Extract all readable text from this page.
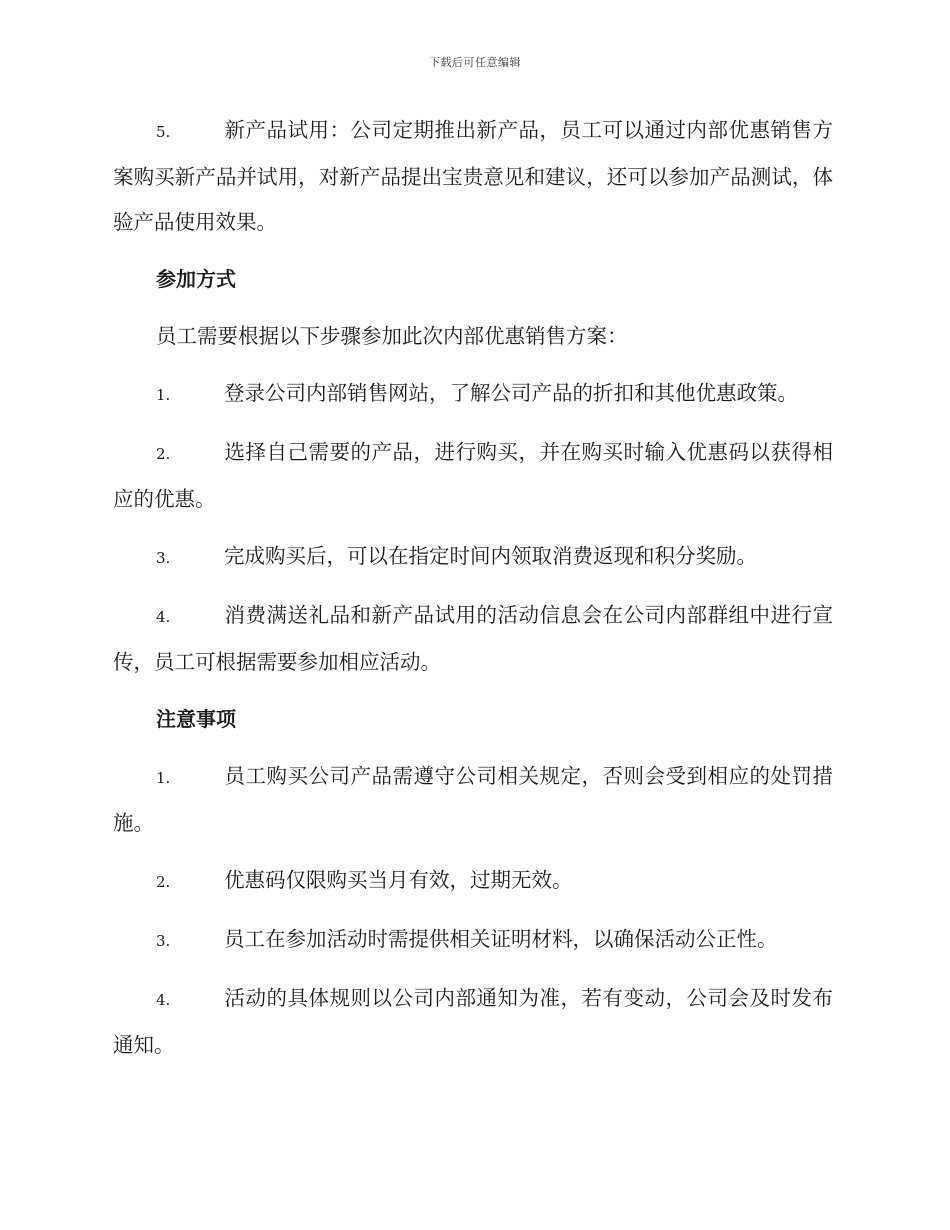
下载后可任意编辑

5.	新产品试用：公司定期推出新产品，员工可以通过内部优惠销售方案购买新产品并试用，对新产品提出宝贵意见和建议，还可以参加产品测试，体验产品使用效果。

参加方式

员工需要根据以下步骤参加此次内部优惠销售方案：

1.	登录公司内部销售网站，了解公司产品的折扣和其他优惠政策。

2.	选择自己需要的产品，进行购买，并在购买时输入优惠码以获得相应的优惠。

3.	完成购买后，可以在指定时间内领取消费返现和积分奖励。

4.	消费满送礼品和新产品试用的活动信息会在公司内部群组中进行宣传，员工可根据需要参加相应活动。

注意事项

1.	员工购买公司产品需遵守公司相关规定，否则会受到相应的处罚措施。

2.	优惠码仅限购买当月有效，过期无效。

3.	员工在参加活动时需提供相关证明材料，以确保活动公正性。

4.	活动的具体规则以公司内部通知为准，若有变动，公司会及时发布通知。
